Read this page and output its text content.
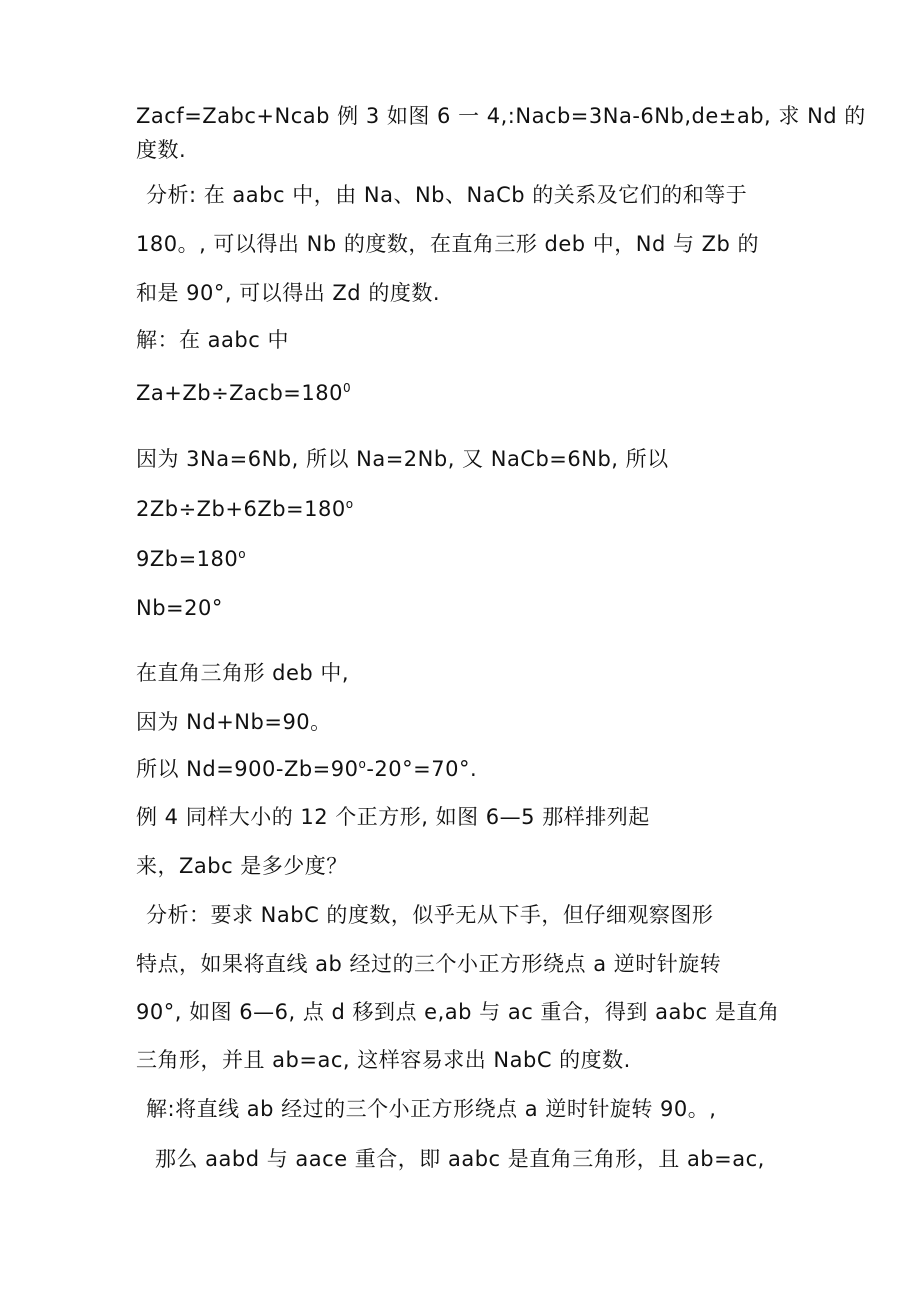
Zacf=Zabc+Ncab 例 3 如图 6 一 4,:Nacb=3Na-6Nb,de±ab, 求 Nd 的
度数.
分析: 在 aabc 中，由 Na、Nb、NaCb 的关系及它们的和等于
180。, 可以得出 Nb 的度数，在直角三形 deb 中，Nd 与 Zb 的
和是 90°, 可以得出 Zd 的度数.
解：在 aabc 中
$Za+Zb\div Zacb=180^0$
因为 3Na=6Nb, 所以 Na=2Nb, 又 NaCb=6Nb, 所以
$2Zb\div Zb+6Zb=180^o$
$9Zb=180^o$
Nb=20°
在直角三角形 deb 中,
因为 Nd+Nb=90。
所以 $Nd=900-Zb=90^o-20^\circ=70^\circ$.
例 4 同样大小的 12 个正方形, 如图 6—5 那样排列起
来，Zabc 是多少度？
分析：要求 NabC 的度数，似乎无从下手，但仔细观察图形
特点，如果将直线 ab 经过的三个小正方形绕点 a 逆时针旋转
90°, 如图 6—6, 点 d 移到点 e,ab 与 ac 重合，得到 aabc 是直角
三角形，并且 ab=ac, 这样容易求出 NabC 的度数.
解:将直线 ab 经过的三个小正方形绕点 a 逆时针旋转 90。,
那么 aabd 与 aace 重合，即 aabc 是直角三角形，且 ab=ac,
